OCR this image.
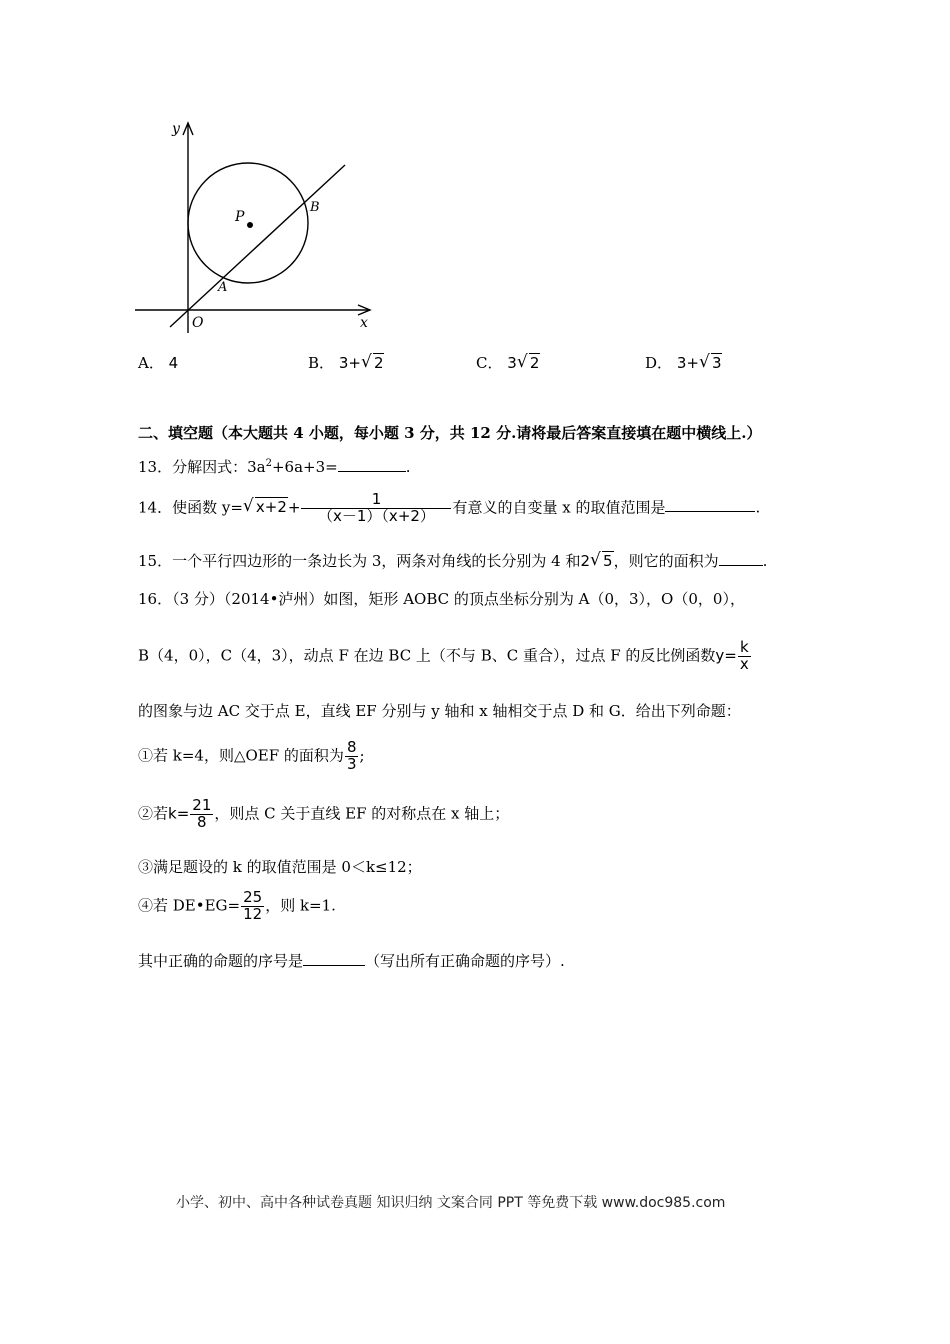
y
x
O
P
A
B
A． 4	B． 3+ √ 2	C． 3 √ 2	D． 3+ √ 3
二、填空题（本大题共 4 小题，每小题 3 分，共 12 分.请将最后答案直接填在题中横线上.）
13．分解因式：$3a^2+6a+3=$	.
14．使函数 y= √ $x+2+ \frac{1}{(x-1)(x+2)}$ 有意义的自变量 x 的取值范围是	.
15．一个平行四边形的一条边长为 3，两条对角线的长分别为 4 和2 √ 5，则它的面积为	.
16．（3 分）（2014•泸州）如图，矩形 AOBC 的顶点坐标分别为 A（0，3），O（0，0），
B（4，0），C（4，3），动点 F 在边 BC 上（不与 B、C 重合），过点 F 的反比例函数$y= \frac{k}{x}$
的图象与边 AC 交于点 E，直线 EF 分别与 y 轴和 x 轴相交于点 D 和 G．给出下列命题：
①若 k=4，则△OEF 的面积为 $\frac{8}{3}$ ;
②若$k= \frac{21}{8}$ ，则点 C 关于直线 EF 的对称点在 x 轴上；
③满足题设的 k 的取值范围是 0＜k≤12；
④若 DE•EG= $\frac{25}{12}$ ，则 k=1.
其中正确的命题的序号是	（写出所有正确命题的序号）.
小学、初中、高中各种试卷真题 知识归纳 文案合同 PPT 等免费下载 www.doc985.com
